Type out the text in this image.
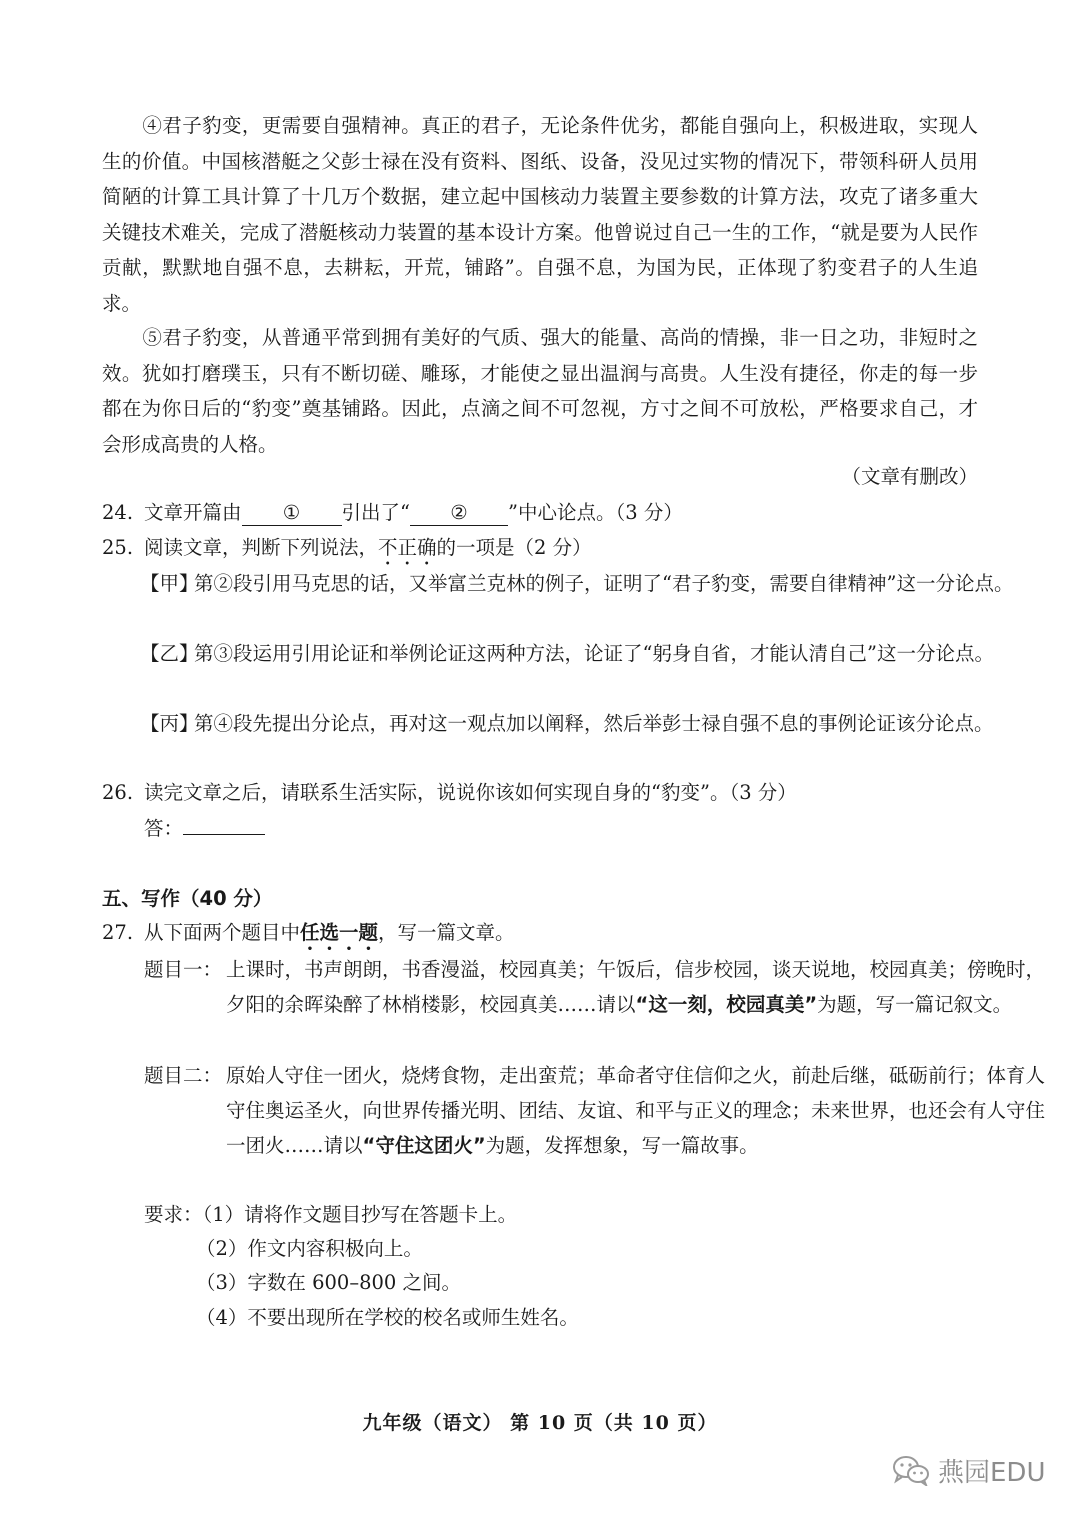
④君子豹变，更需要自强精神。真正的君子，无论条件优劣，都能自强向上，积极进取，实现人生的价值。中国核潜艇之父彭士禄在没有资料、图纸、设备，没见过实物的情况下，带领科研人员用简陋的计算工具计算了十几万个数据，建立起中国核动力装置主要参数的计算方法，攻克了诸多重大关键技术难关，完成了潜艇核动力装置的基本设计方案。他曾说过自己一生的工作，“就是要为人民作贡献，默默地自强不息，去耕耘，开荒，铺路”。自强不息，为国为民，正体现了豹变君子的人生追求。

⑤君子豹变，从普通平常到拥有美好的气质、强大的能量、高尚的情操，非一日之功，非短时之效。犹如打磨璞玉，只有不断切磋、雕琢，才能使之显出温润与高贵。人生没有捷径，你走的每一步都在为你日后的“豹变”奠基铺路。因此，点滴之间不可忽视，方寸之间不可放松，严格要求自己，才会形成高贵的人格。

（文章有删改）
24. 文章开篇由 ① 引出了“ ② ”中心论点。（3 分）
25. 阅读文章，判断下列说法，不正确的一项是（2 分）
【甲】第②段引用马克思的话，又举富兰克林的例子，证明了“君子豹变，需要自律精神”这一分论点。
【乙】第③段运用引用论证和举例论证这两种方法，论证了“躬身自省，才能认清自己”这一分论点。
【丙】第④段先提出分论点，再对这一观点加以阐释，然后举彭士禄自强不息的事例论证该分论点。
26. 读完文章之后，请联系生活实际，说说你该如何实现自身的“豹变”。（3 分）
答：
五、写作（40 分）
27. 从下面两个题目中任选一题，写一篇文章。
题目一： 上课时，书声朗朗，书香漫溢，校园真美；午饭后，信步校园，谈天说地，校园真美；傍晚时，夕阳的余晖染醉了林梢楼影，校园真美……请以“这一刻，校园真美”为题，写一篇记叙文。
题目二： 原始人守住一团火，烧烤食物，走出蛮荒；革命者守住信仰之火，前赴后继，砥砺前行；体育人守住奥运圣火，向世界传播光明、团结、友谊、和平与正义的理念；未来世界，也还会有人守住一团火……请以“守住这团火”为题，发挥想象，写一篇故事。
要求：（1）请将作文题目抄写在答题卡上。
（2）作文内容积极向上。
（3）字数在 600–800 之间。
（4）不要出现所在学校的校名或师生姓名。
九年级（语文） 第 10 页（共 10 页）
燕园EDU
